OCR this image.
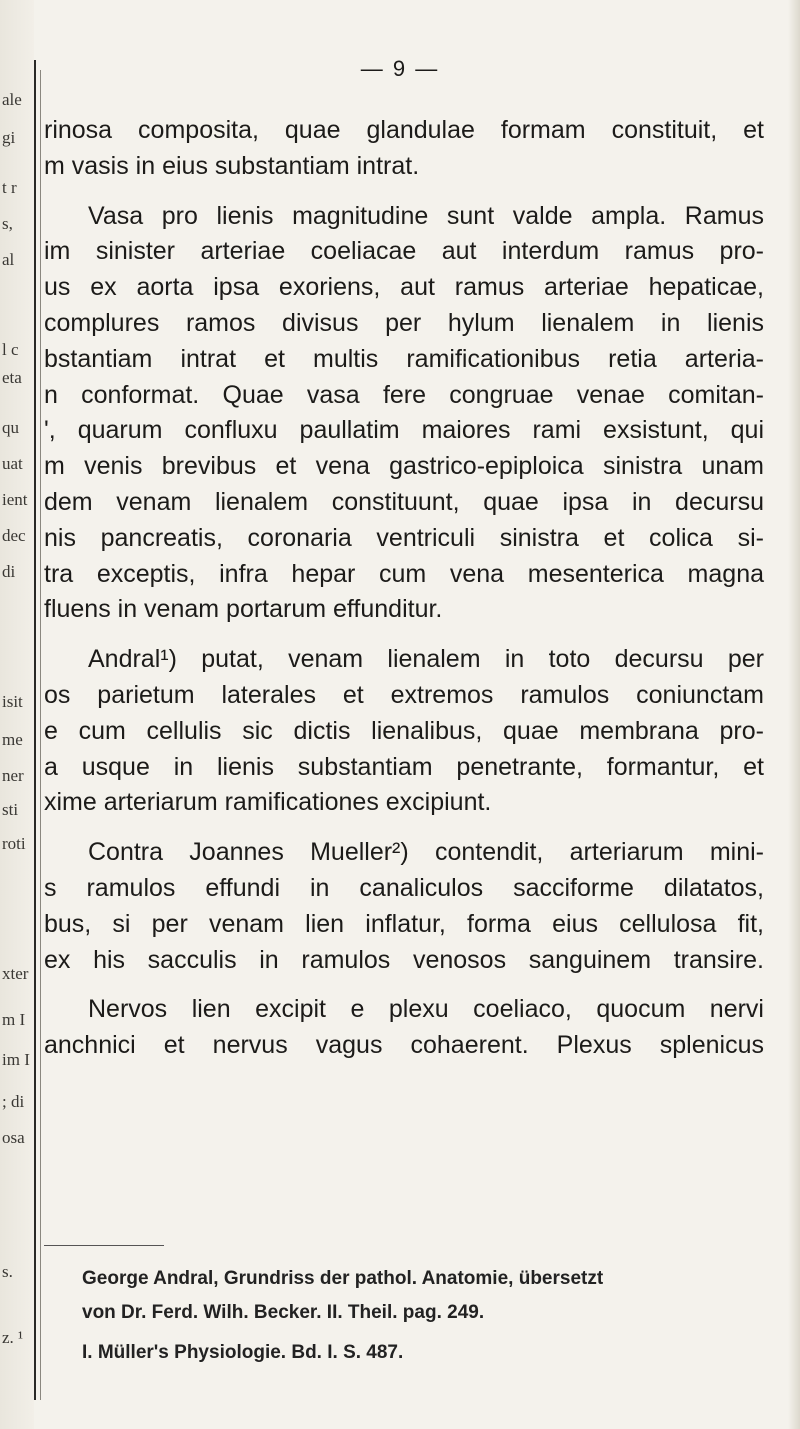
ale
gi
t r
s,
al
l c
eta
qu
uat
ient
dec
di
isit
me
ner
sti
roti
xter
m I
im I
; di
osa
s.
z. ¹
— 9 —
rinosa composita, quae glandulae formam constituit, et
m vasis in eius substantiam intrat.
Vasa pro lienis magnitudine sunt valde ampla. Ramus
im sinister arteriae coeliacae aut interdum ramus pro-
us ex aorta ipsa exoriens, aut ramus arteriae hepaticae,
complures ramos divisus per hylum lienalem in lienis
bstantiam intrat et multis ramificationibus retia arteria-
n conformat. Quae vasa fere congruae venae comitan-
', quarum confluxu paullatim maiores rami exsistunt, qui
m venis brevibus et vena gastrico-epiploica sinistra unam
dem venam lienalem constituunt, quae ipsa in decursu
nis pancreatis, coronaria ventriculi sinistra et colica si-
tra exceptis, infra hepar cum vena mesenterica magna
fluens in venam portarum effunditur.
Andral¹) putat, venam lienalem in toto decursu per
os parietum laterales et extremos ramulos coniunctam
e cum cellulis sic dictis lienalibus, quae membrana pro-
a usque in lienis substantiam penetrante, formantur, et
xime arteriarum ramificationes excipiunt.
Contra Joannes Mueller²) contendit, arteriarum mini-
s ramulos effundi in canaliculos sacciforme dilatatos,
bus, si per venam lien inflatur, forma eius cellulosa fit,
ex his sacculis in ramulos venosos sanguinem transire.
Nervos lien excipit e plexu coeliaco, quocum nervi
anchnici et nervus vagus cohaerent. Plexus splenicus
George Andral, Grundriss der pathol. Anatomie, übersetzt
von Dr. Ferd. Wilh. Becker. II. Theil. pag. 249.
I. Müller's Physiologie. Bd. I. S. 487.
